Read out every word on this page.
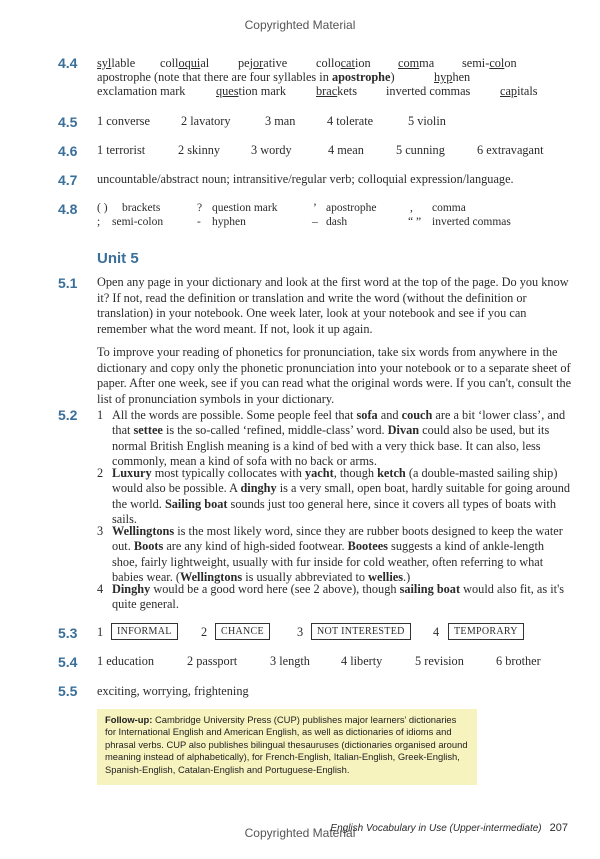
Copyrighted Material
4.4 syllable colloquial pejorative collocation comma semi-colon
apostrophe (note that there are four syllables in apostrophe)	hyphen
exclamation mark question mark brackets inverted commas capitals
4.5 1 converse	2 lavatory	3 man	4 tolerate	5 violin
4.6 1 terrorist	2 skinny	3 wordy	4 mean	5 cunning	6 extravagant
4.7 uncountable/abstract noun; intransitive/regular verb; colloquial expression/language.
4.8 ( ) brackets	? question mark	’ apostrophe	, comma
; semi-colon	- hyphen	– dash	“ ” inverted commas
Unit 5
5.1 Open any page in your dictionary and look at the first word at the top of the page. Do you know it? If not, read the definition or translation and write the word (without the definition or translation) in your notebook. One week later, look at your notebook and see if you can remember what the word meant. If not, look it up again.
To improve your reading of phonetics for pronunciation, take six words from anywhere in the dictionary and copy only the phonetic pronunciation into your notebook or to a separate sheet of paper. After one week, see if you can read what the original words were. If you can't, consult the list of pronunciation symbols in your dictionary.
5.2 1 All the words are possible. Some people feel that sofa and couch are a bit ‘lower class’, and that settee is the so-called ‘refined, middle-class’ word. Divan could also be used, but its normal British English meaning is a kind of bed with a very thick base. It can also, less commonly, mean a kind of sofa with no back or arms.
2 Luxury most typically collocates with yacht, though ketch (a double-masted sailing ship) would also be possible. A dinghy is a very small, open boat, hardly suitable for going around the world. Sailing boat sounds just too general here, since it covers all types of boats with sails.
3 Wellingtons is the most likely word, since they are rubber boots designed to keep the water out. Boots are any kind of high-sided footwear. Bootees suggests a kind of ankle-length shoe, fairly lightweight, usually with fur inside for cold weather, often referring to what babies wear. (Wellingtons is usually abbreviated to wellies.)
4 Dinghy would be a good word here (see 2 above), though sailing boat would also fit, as it's quite general.
5.3 1	INFORMAL	2	CHANCE	3	NOT INTERESTED	4	TEMPORARY
5.4 1 education	2 passport	3 length	4 liberty	5 revision	6 brother
5.5 exciting, worrying, frightening
Follow-up: Cambridge University Press (CUP) publishes major learners’ dictionaries for International English and American English, as well as dictionaries of idioms and phrasal verbs. CUP also publishes bilingual thesauruses (dictionaries organised around meaning instead of alphabetically), for French-English, Italian-English, Greek-English, Spanish-English, Catalan-English and Portuguese-English.
Copyrighted Material
English Vocabulary in Use (Upper-intermediate) 207
